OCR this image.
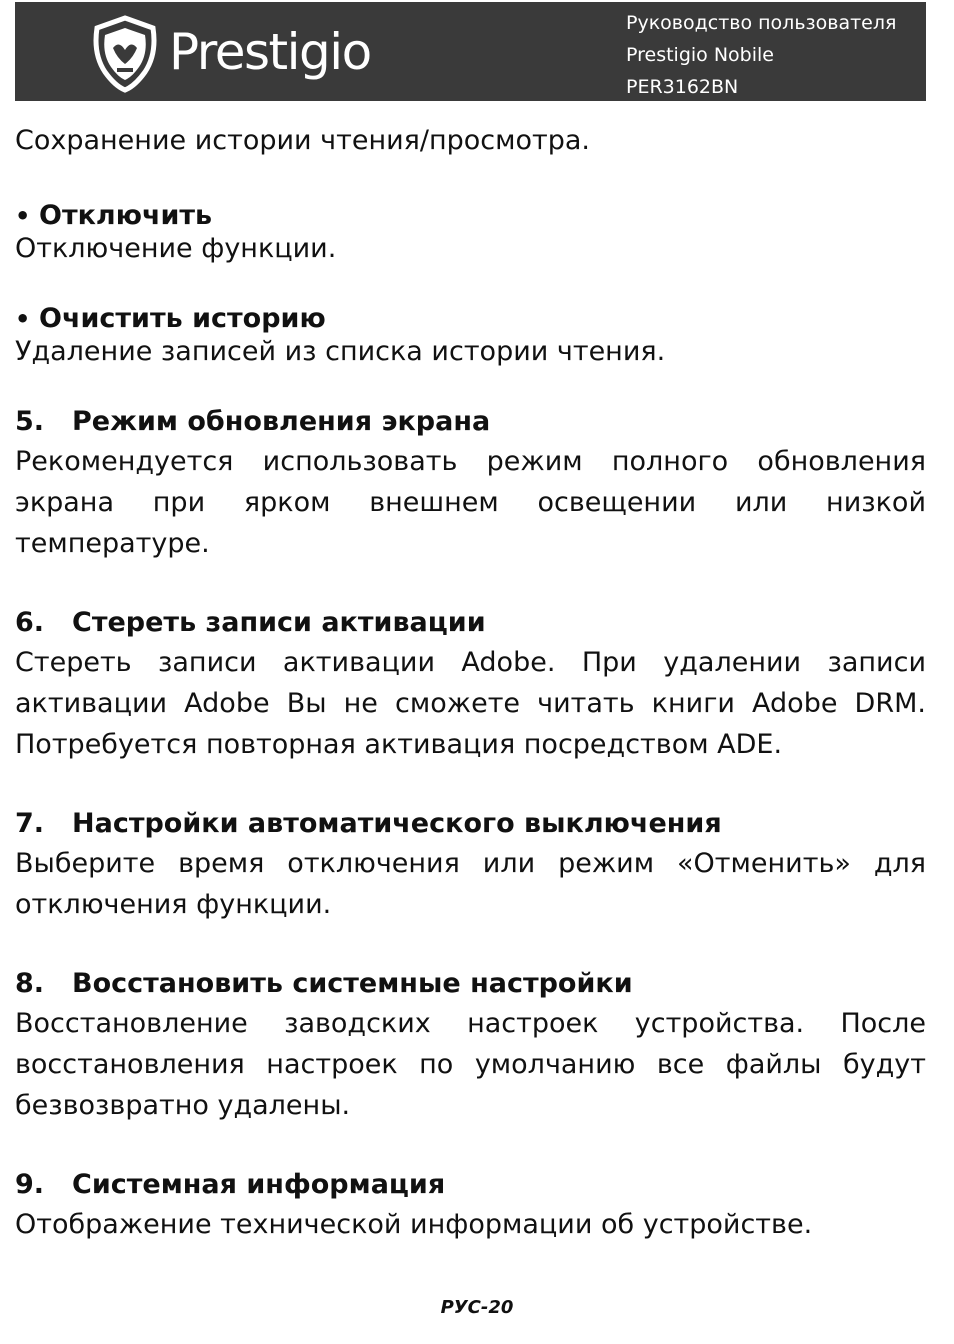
Prestigio	Руководство пользователя
Prestigio Nobile
PER3162BN

Сохранение истории чтения/просмотра.

• Отключить

Отключение функции.

• Очистить историю

Удаление записей из списка истории чтения.

5. Режим обновления экрана

Рекомендуется использовать режим полного обновления экрана при ярком внешнем освещении или низкой температуре.

6. Стереть записи активации

Стереть записи активации Adobe. При удалении записи активации Adobe Вы не сможете читать книги Adobe DRM. Потребуется повторная активация посредством ADE.

7. Настройки автоматического выключения

Выберите время отключения или режим «Отменить» для отключения функции.

8. Восстановить системные настройки

Восстановление заводских настроек устройства. После восстановления настроек по умолчанию все файлы будут безвозвратно удалены.

9. Системная информация

Отображение технической информации об устройстве.

РУС-20
